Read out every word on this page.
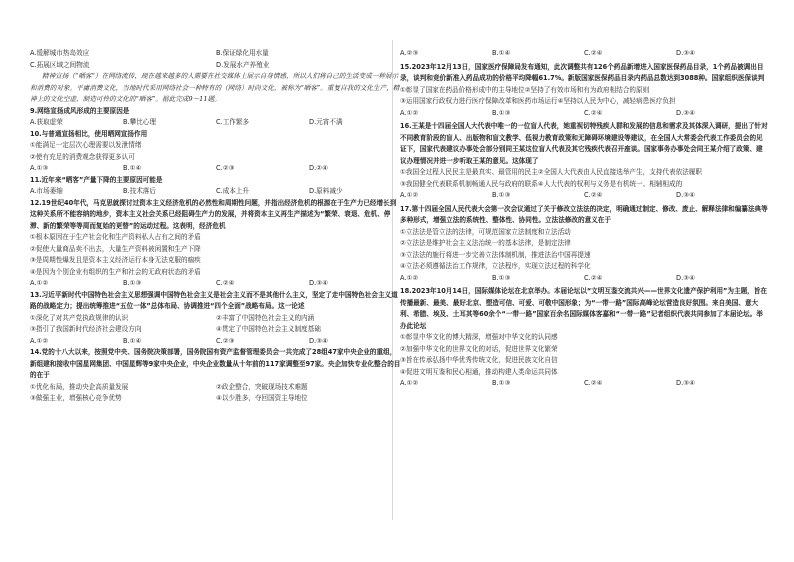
A.缓解城市热岛效应	B.保证绿化用水量
C.拓展区域之间物流	D.发展水产养殖业
精神宣扬（“晒客”）在网络流传，现在越来越多的人需要在社交媒体上展示自身情感，所以人们将自己的生活变成一种展示和消费的对象。平庸消费文化，当地时代采用网络社会一种特有的（网络）时尚文化，被称为“晒客”。重复自我的文化生产，精神上的文化空虚，制造可怜的文化的“晒客”。据此完成9～11题。
9.网络宣扬成风形成的主要原因是
A.获取虚荣	B.攀比心理	C.工作繁多	D.元宵不满
10.与普通宣扬相比，使用晒网宣扬作用
①能满足一定层次心理需要以发泄情绪
②使有充足的消费观念获得更多认可
A.①③	B.①④	C.②③	D.②④
11.近年来“晒客”产量下降的主要原因可能是
A.市场萎缩	B.技术落后	C.成本上升	D.原料减少
12.19世纪40年代，马克思就探讨过资本主义经济危机的必然性和周期性问题，并指出经济危机的根源在于生产力已经增长到这种关系所不能容纳的地步，资本主义社会关系已经阻碍生产力的发展，并将资本主义再生产描述为“繁荣、衰退、危机、停滞、新的繁荣等等周而复始的更替”的运动过程。这表明，经济危机
①根本原因在于生产社会化和生产资料私人占有之间的矛盾
②促使大量商品卖不出去，大量生产资料被闲置和生产下降
③是周期性爆发且是资本主义经济运行本身无法克服的痼疾
④是因为个别企业有组织的生产和社会的无政府状态的矛盾
A.①②	B.①③	C.②④	D.③④
13.习近平新时代中国特色社会主义思想强调中国特色社会主义是社会主义而不是其他什么主义，坚定了走中国特色社会主义道路的战略定力；提出统筹推进“五位一体”总体布局、协调推进“四个全面”战略布局。这一论述
①深化了对共产党执政规律的认识	②丰富了中国特色社会主义的内涵
③指引了我国新时代经济社会建设方向	④贯定了中国特色社会主义制度基础
A.①②	B.①④	C.②③	D.③④
14.党的十八大以来，按照党中央、国务院决策部署，国务院国有资产监督管理委员会一共完成了28组47家中央企业的重组，新组建和接收中国星网集团、中国星辉等9家中央企业，中央企业数量从十年前的117家调整至97家。央企加快专业化整合的目的在于
①优化布局，推动央企高质量发展	②政企整合，突破现场技术难题
③做强主业，增强核心竞争优势	④以少胜多，夺回国资主导地位
A.②③	B.①④	C.②④	D.③④
15.2023年12月13日，国家医疗保障局发布通知，此次调整共有126个药品新增进入国家医保药品目录，1个药品被调出目录，谈判和竞价新准入药品成功的价格平均降幅61.7%。新版国家医保药品目录内药品总数达到3088种。国家组织医保谈判
①彰显了国家在药品价格形成中的主导地位②坚持了有效市场和有为政府相结合的原则
③运用国家行政权力进行医疗保障改革和医药市场运行④坚持以人民为中心，减轻病患医疗负担
A.①②	B.①③	C.②④	D.③④
16.王某是十四届全国人大代表中唯一的一位盲人代表，她重视切特残疾人群和发展的信息和需求及其体深入调研，提出了针对不同教育阶段的盲人、出版物和盲文教学、低视力教育政策和无障碍环境建设等建议，在全国人大常委会代表工作委员会的见证下，国家代表建议办事处会部分别同王某这位盲人代表及其它残疾代表召开座谈。国家事务办事处会同王某介绍了政策、建议办理情况并进一步听取王某的意见。这体现了
①我国全过程人民民主是最真实、最管用的民主②全国人大代表由人民直接选举产生，支持代表依法履职
③我国健全代表联系机制畅通人民与政府的联系④人大代表的权利与义务是有机统一、相辅相成的
A.①②	B.①③	C.②④	D.③④
17.第十四届全国人民代表大会第一次会议通过了关于修改立法法的决定，明确通过制定、修改、废止、解释法律和编纂法典等多种形式，增强立法的系统性、整体性、协同性。立法法修改的意义在于
①立法法是管立法的法律，可规范国家立法制度和立法活动
②立法法是维护社会主义法治统一的基本法律，是制定法律
③立法法的施行将进一步完善立法体制机制，推进法治中国再提速
④立法必须遵循法治工作规律，立法程序，实现立法过程的科学化
A.①②	B.①③	C.②④	D.③④
18.2023年10月14日，国际媒体论坛在北京举办。本届论坛以“文明互鉴交流共兴——世界文化遗产保护利用”为主题，旨在传播最新、最美、最好北京、塑造可信、可爱、可敬中国形象；为“一带一路”国际高峰论坛营造良好氛围。来自美国、意大利、希腊、埃及、土耳其等60余个“一带一路”国家百余名国际媒体客嘉和“一带一路”记者组织代表共同参加了本届论坛。举办此论坛
①彰显中华文化的博大精深，增强对中华文化的认同感
②加强中华文化的世界文化的对话，促进世界文化繁荣
③旨在传承弘扬中华优秀传统文化，促进民族文化自信
④促进文明互鉴和民心相通，推动构建人类命运共同体
A.①②	B.①③	C.②④	D.③④
